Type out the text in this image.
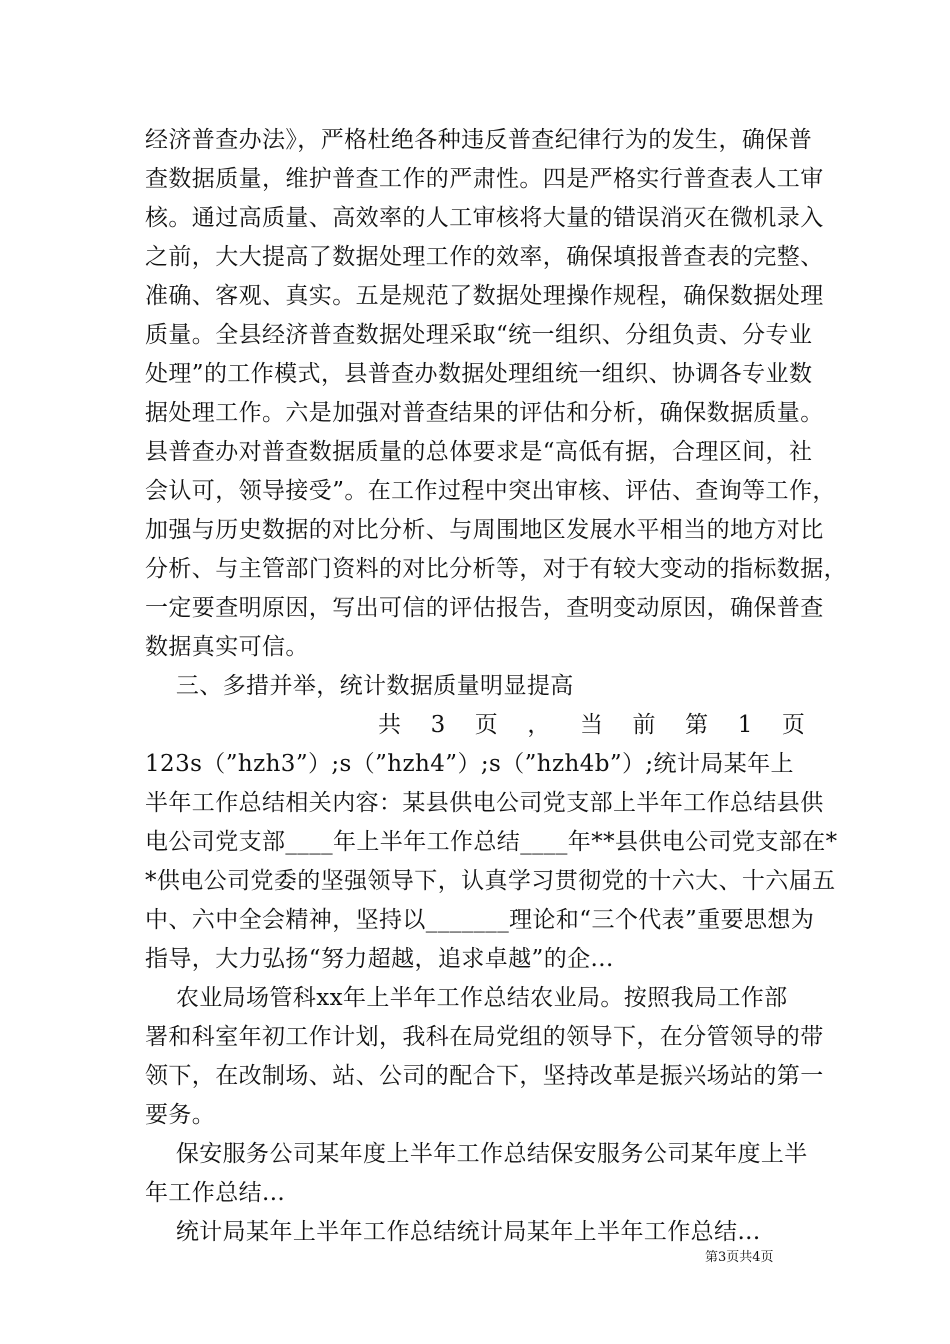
经济普查办法》，严格杜绝各种违反普查纪律行为的发生，确保普
查数据质量，维护普查工作的严肃性。四是严格实行普查表人工审
核。通过高质量、高效率的人工审核将大量的错误消灭在微机录入
之前，大大提高了数据处理工作的效率，确保填报普查表的完整、
准确、客观、真实。五是规范了数据处理操作规程，确保数据处理
质量。全县经济普查数据处理采取“统一组织、分组负责、分专业
处理”的工作模式，县普查办数据处理组统一组织、协调各专业数
据处理工作。六是加强对普查结果的评估和分析，确保数据质量。
县普查办对普查数据质量的总体要求是“高低有据，合理区间，社
会认可，领导接受”。在工作过程中突出审核、评估、查询等工作，
加强与历史数据的对比分析、与周围地区发展水平相当的地方对比
分析、与主管部门资料的对比分析等，对于有较大变动的指标数据，
一定要查明原因，写出可信的评估报告，查明变动原因，确保普查
数据真实可信。
三、多措并举，统计数据质量明显提高
共 3 页 ， 当 前 第 1 页
123s（”hzh3”）;s（”hzh4”）;s（”hzh4b”）;统计局某年上
半年工作总结相关内容：某县供电公司党支部上半年工作总结县供
电公司党支部____年上半年工作总结____年**县供电公司党支部在*
*供电公司党委的坚强领导下，认真学习贯彻党的十六大、十六届五
中、六中全会精神，坚持以_______理论和“三个代表”重要思想为
指导，大力弘扬“努力超越，追求卓越”的企...
农业局场管科xx年上半年工作总结农业局。按照我局工作部
署和科室年初工作计划，我科在局党组的领导下，在分管领导的带
领下，在改制场、站、公司的配合下，坚持改革是振兴场站的第一
要务。
保安服务公司某年度上半年工作总结保安服务公司某年度上半
年工作总结...
统计局某年上半年工作总结统计局某年上半年工作总结...
第3页共4页
